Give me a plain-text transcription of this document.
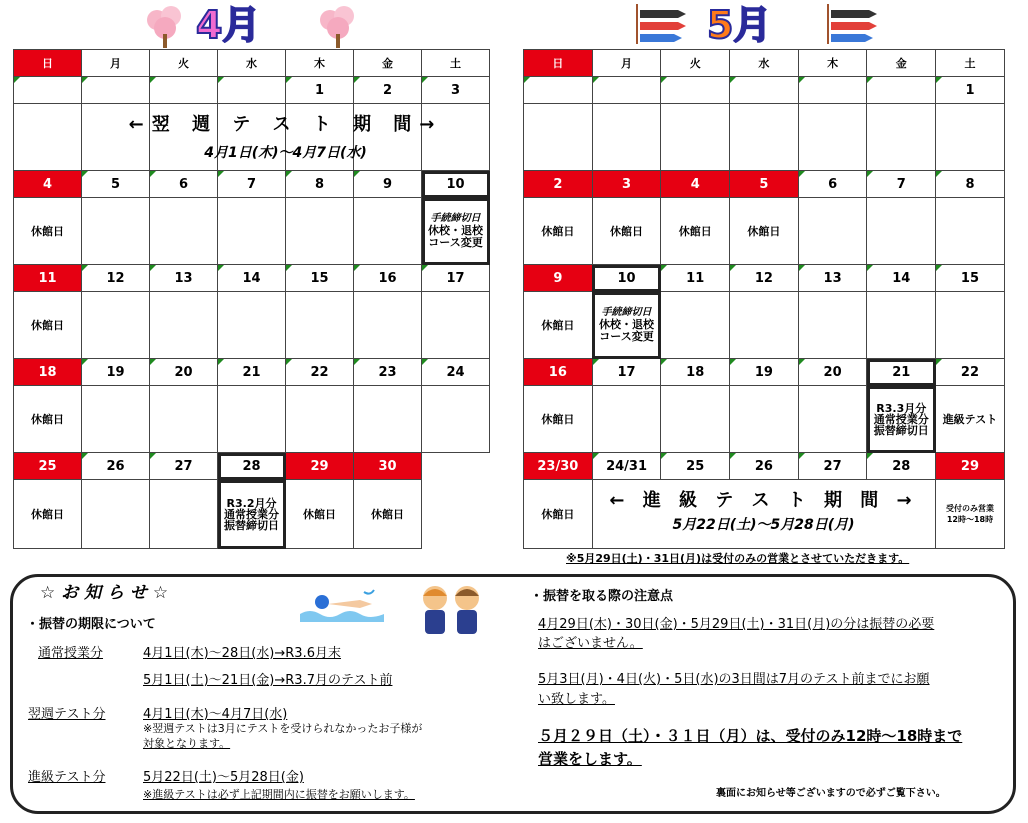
4月	5月
日	月	火	水	木	金	土
				1	2	3

4	5	6	7	8	9	10
休館日						手続締切日
休校・退校
コース変更

11	12	13	14	15	16	17
休館日						
18	19	20	21	22	23	24
休館日						
25	26	27	28	29	30	
休館日			R3.2月分
通常授業分
振替締切日	休館日	休館日	
←翌 週 テ ス ト 期 間→
4月1日(木)～4月7日(水)
日	月	火	水	木	金	土
						1

2	3	4	5	6	7	8
休館日	休館日	休館日	休館日			
9	10	11	12	13	14	15
休館日	手続締切日
休校・退校
コース変更					

16	17	18	19	20	21	22
休館日					R3.3月分
通常授業分
振替締切日	進級テスト
23/30	24/31	25	26	27	28	29
休館日						受付のみ営業
12時～18時
← 進 級 テ ス ト 期 間 →
5月22日(土)～5月28日(月)
※5月29日(土)・31日(月)は受付のみの営業とさせていただきます。
☆ お 知 ら せ ☆
・振替の期限について
通常授業分	4月1日(木)～28日(水)→R3.6月末
5月1日(土)～21日(金)→R3.7月のテスト前
翌週テスト分	4月1日(木)～4月7日(水)
※翌週テストは3月にテストを受けられなかったお子様が
対象となります。
進級テスト分	5月22日(土)～5月28日(金)
※進級テストは必ず上記期間内に振替をお願いします。
・振替を取る際の注意点
4月29日(木)・30日(金)・5月29日(土)・31日(月)の分は振替の必要
はございません。
5月3日(月)・4日(火)・5日(水)の3日間は7月のテスト前までにお願
い致します。
５月２９日（土）・３１日（月）は、受付のみ12時～18時まで
営業をします。
裏面にお知らせ等ございますので必ずご覧下さい。
